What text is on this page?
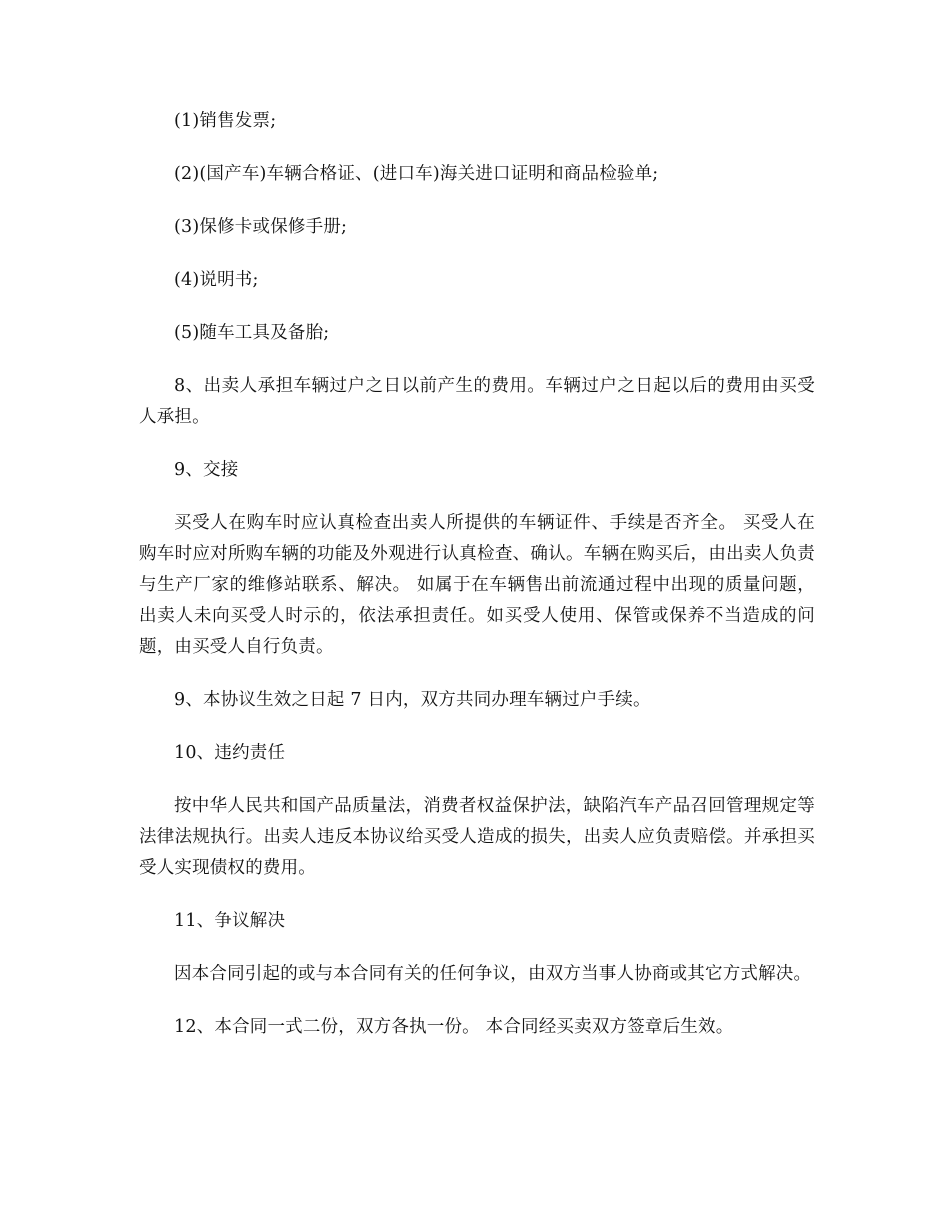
(1)销售发票;

(2)(国产车)车辆合格证、(进口车)海关进口证明和商品检验单;

(3)保修卡或保修手册;

(4)说明书;

(5)随车工具及备胎;

8、出卖人承担车辆过户之日以前产生的费用。车辆过户之日起以后的费用由买受人承担。

9、交接

买受人在购车时应认真检查出卖人所提供的车辆证件、手续是否齐全。 买受人在购车时应对所购车辆的功能及外观进行认真检查、确认。车辆在购买后，由出卖人负责与生产厂家的维修站联系、解决。 如属于在车辆售出前流通过程中出现的质量问题，出卖人未向买受人时示的，依法承担责任。如买受人使用、保管或保养不当造成的问题，由买受人自行负责。

9、本协议生效之日起 7 日内，双方共同办理车辆过户手续。

10、违约责任

按中华人民共和国产品质量法，消费者权益保护法，缺陷汽车产品召回管理规定等法律法规执行。出卖人违反本协议给买受人造成的损失，出卖人应负责赔偿。并承担买受人实现债权的费用。

11、争议解决

因本合同引起的或与本合同有关的任何争议，由双方当事人协商或其它方式解决。

12、本合同一式二份，双方各执一份。 本合同经买卖双方签章后生效。
